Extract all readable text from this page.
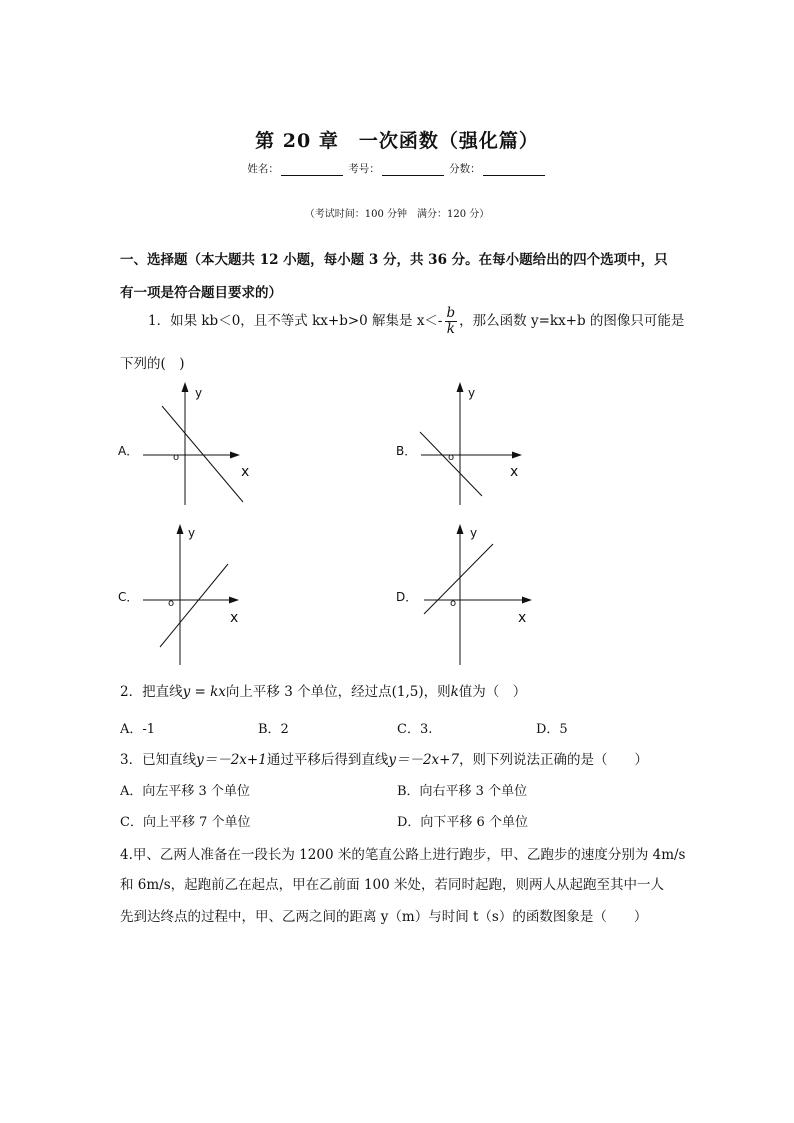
第 20 章　一次函数（强化篇）
姓名：	考号：	分数：
（考试时间：100 分钟　满分：120 分）
一、选择题（本大题共 12 小题，每小题 3 分，共 36 分。在每小题给出的四个选项中，只
有一项是符合题目要求的）
1．如果 kb＜0，且不等式 kx+b>0 解集是 $x<- \frac{b}{k}$ ，那么函数 y=kx+b 的图像只可能是
下列的(　)
A．
y
x
o	B．
y
x
o
C．
y
x
o	D．
y
x
o
2．把直线y = kx向上平移 3 个单位，经过点(1,5)，则k值为（　）
A．-1	B．2	C．3.	D．5
3．已知直线y＝－2x+1通过平移后得到直线y＝－2x+7，则下列说法正确的是（　　）
A．向左平移 3 个单位	B．向右平移 3 个单位
C．向上平移 7 个单位	D．向下平移 6 个单位
4.甲、乙两人准备在一段长为 1200 米的笔直公路上进行跑步，甲、乙跑步的速度分别为 4m/s
和 6m/s，起跑前乙在起点，甲在乙前面 100 米处，若同时起跑，则两人从起跑至其中一人
先到达终点的过程中，甲、乙两之间的距离 y（m）与时间 t（s）的函数图象是（　　）
